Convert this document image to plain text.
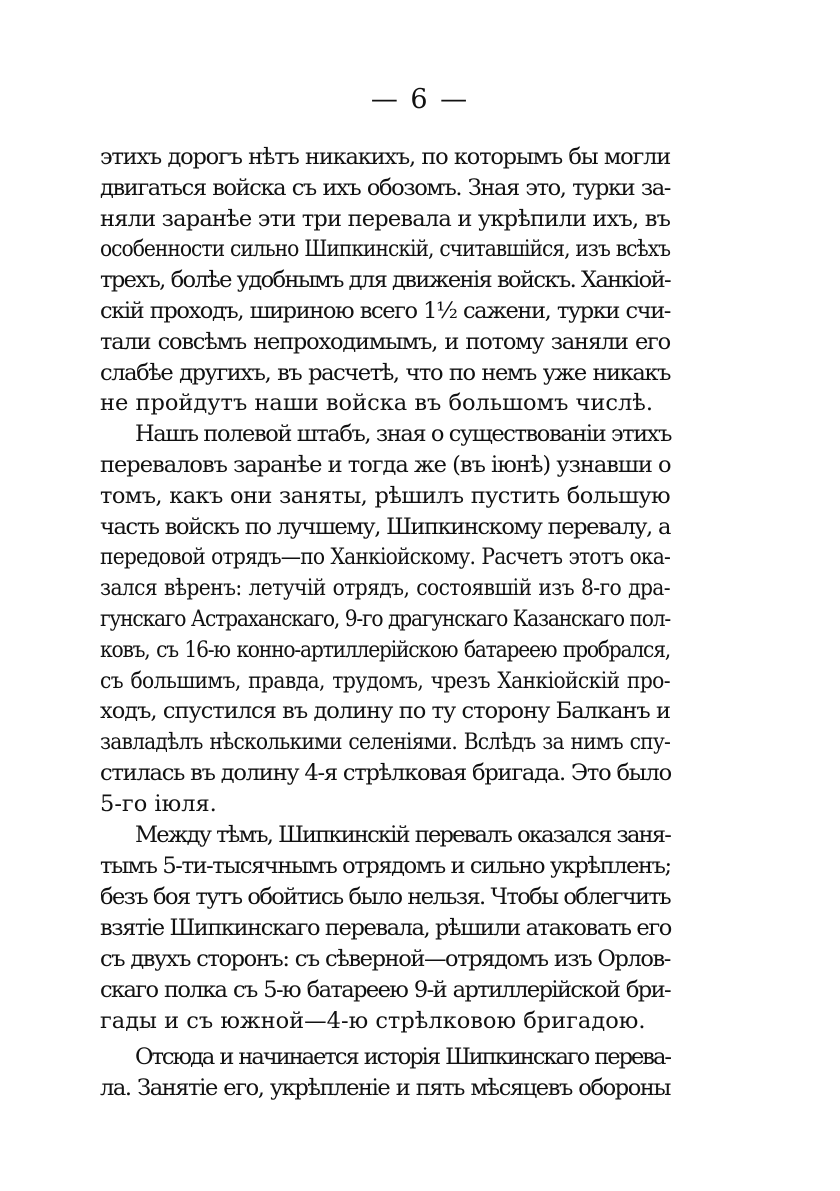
— 6 —
этихъ дорогъ нѣтъ никакихъ, по которымъ бы могли
двигаться войска съ ихъ обозомъ. Зная это, турки за-
няли заранѣе эти три перевала и укрѣпили ихъ, въ
особенности сильно Шипкинскій, считавшійся, изъ всѣхъ
трехъ, болѣе удобнымъ для движенія войскъ. Ханкіой-
скій проходъ, шириною всего 1½ сажени, турки счи-
тали совсѣмъ непроходимымъ, и потому заняли его
слабѣе другихъ, въ расчетѣ, что по немъ уже никакъ
не пройдутъ наши войска въ большомъ числѣ.
Нашъ полевой штабъ, зная о существованіи этихъ
переваловъ заранѣе и тогда же (въ іюнѣ) узнавши о
томъ, какъ они заняты, рѣшилъ пустить большую
часть войскъ по лучшему, Шипкинскому перевалу, а
передовой отрядъ—по Ханкіойскому. Расчетъ этотъ ока-
зался вѣренъ: летучій отрядъ, состоявшій изъ 8-го дра-
гунскаго Астраханскаго, 9-го драгунскаго Казанскаго пол-
ковъ, съ 16-ю конно-артиллерійскою батареею пробрался,
съ большимъ, правда, трудомъ, чрезъ Ханкіойскій про-
ходъ, спустился въ долину по ту сторону Балканъ и
завладѣлъ нѣсколькими селеніями. Вслѣдъ за нимъ спу-
стилась въ долину 4-я стрѣлковая бригада. Это было
5-го іюля.
Между тѣмъ, Шипкинскій перевалъ оказался заня-
тымъ 5-ти-тысячнымъ отрядомъ и сильно укрѣпленъ;
безъ боя тутъ обойтись было нельзя. Чтобы облегчить
взятіе Шипкинскаго перевала, рѣшили атаковать его
съ двухъ сторонъ: съ сѣверной—отрядомъ изъ Орлов-
скаго полка съ 5-ю батареею 9-й артиллерійской бри-
гады и съ южной—4-ю стрѣлковою бригадою.
Отсюда и начинается исторія Шипкинскаго перева-
ла. Занятіе его, укрѣпленіе и пять мѣсяцевъ обороны
